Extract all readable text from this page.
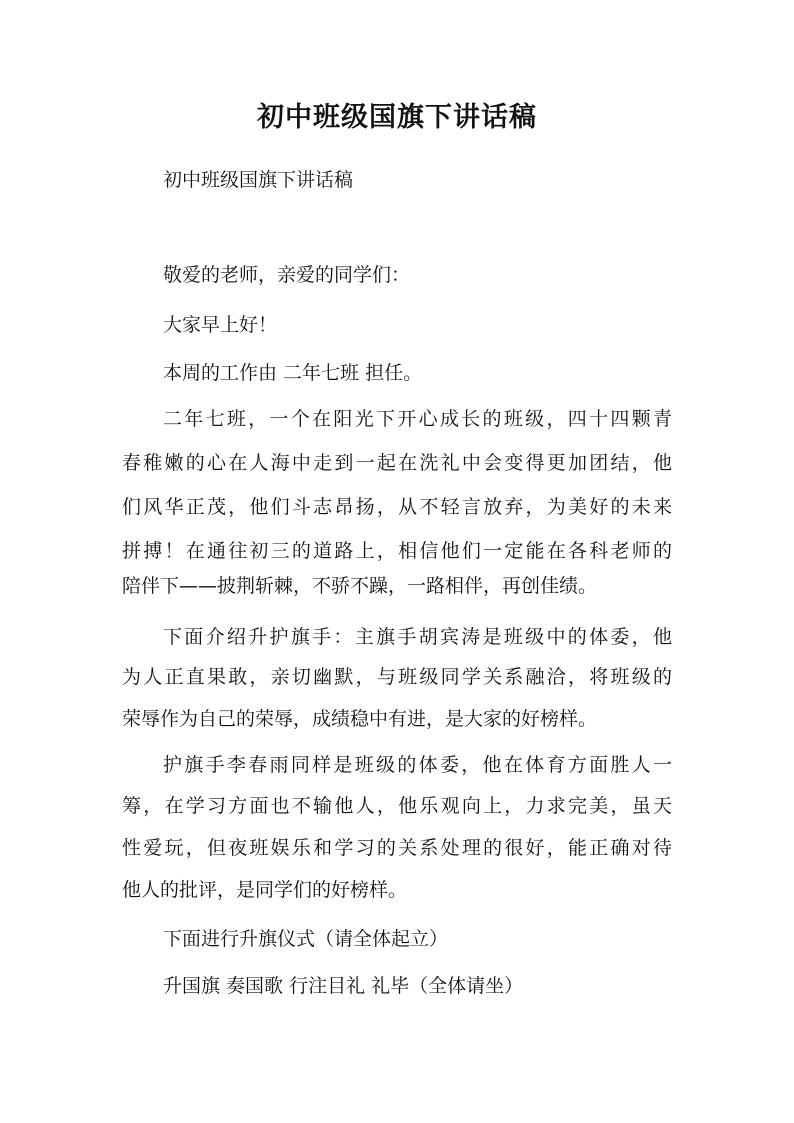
初中班级国旗下讲话稿
初中班级国旗下讲话稿
敬爱的老师，亲爱的同学们：
大家早上好！
本周的工作由 二年七班 担任。
二年七班，一个在阳光下开心成长的班级，四十四颗青
春稚嫩的心在人海中走到一起在洗礼中会变得更加团结，他
们风华正茂，他们斗志昂扬，从不轻言放弃，为美好的未来
拼搏！在通往初三的道路上，相信他们一定能在各科老师的
陪伴下——披荆斩棘，不骄不躁，一路相伴，再创佳绩。
下面介绍升护旗手：主旗手胡宾涛是班级中的体委，他
为人正直果敢，亲切幽默，与班级同学关系融洽，将班级的
荣辱作为自己的荣辱，成绩稳中有进，是大家的好榜样。
护旗手李春雨同样是班级的体委，他在体育方面胜人一
筹，在学习方面也不输他人，他乐观向上，力求完美，虽天
性爱玩，但夜班娱乐和学习的关系处理的很好，能正确对待
他人的批评，是同学们的好榜样。
下面进行升旗仪式（请全体起立）
升国旗 奏国歌 行注目礼 礼毕（全体请坐）
